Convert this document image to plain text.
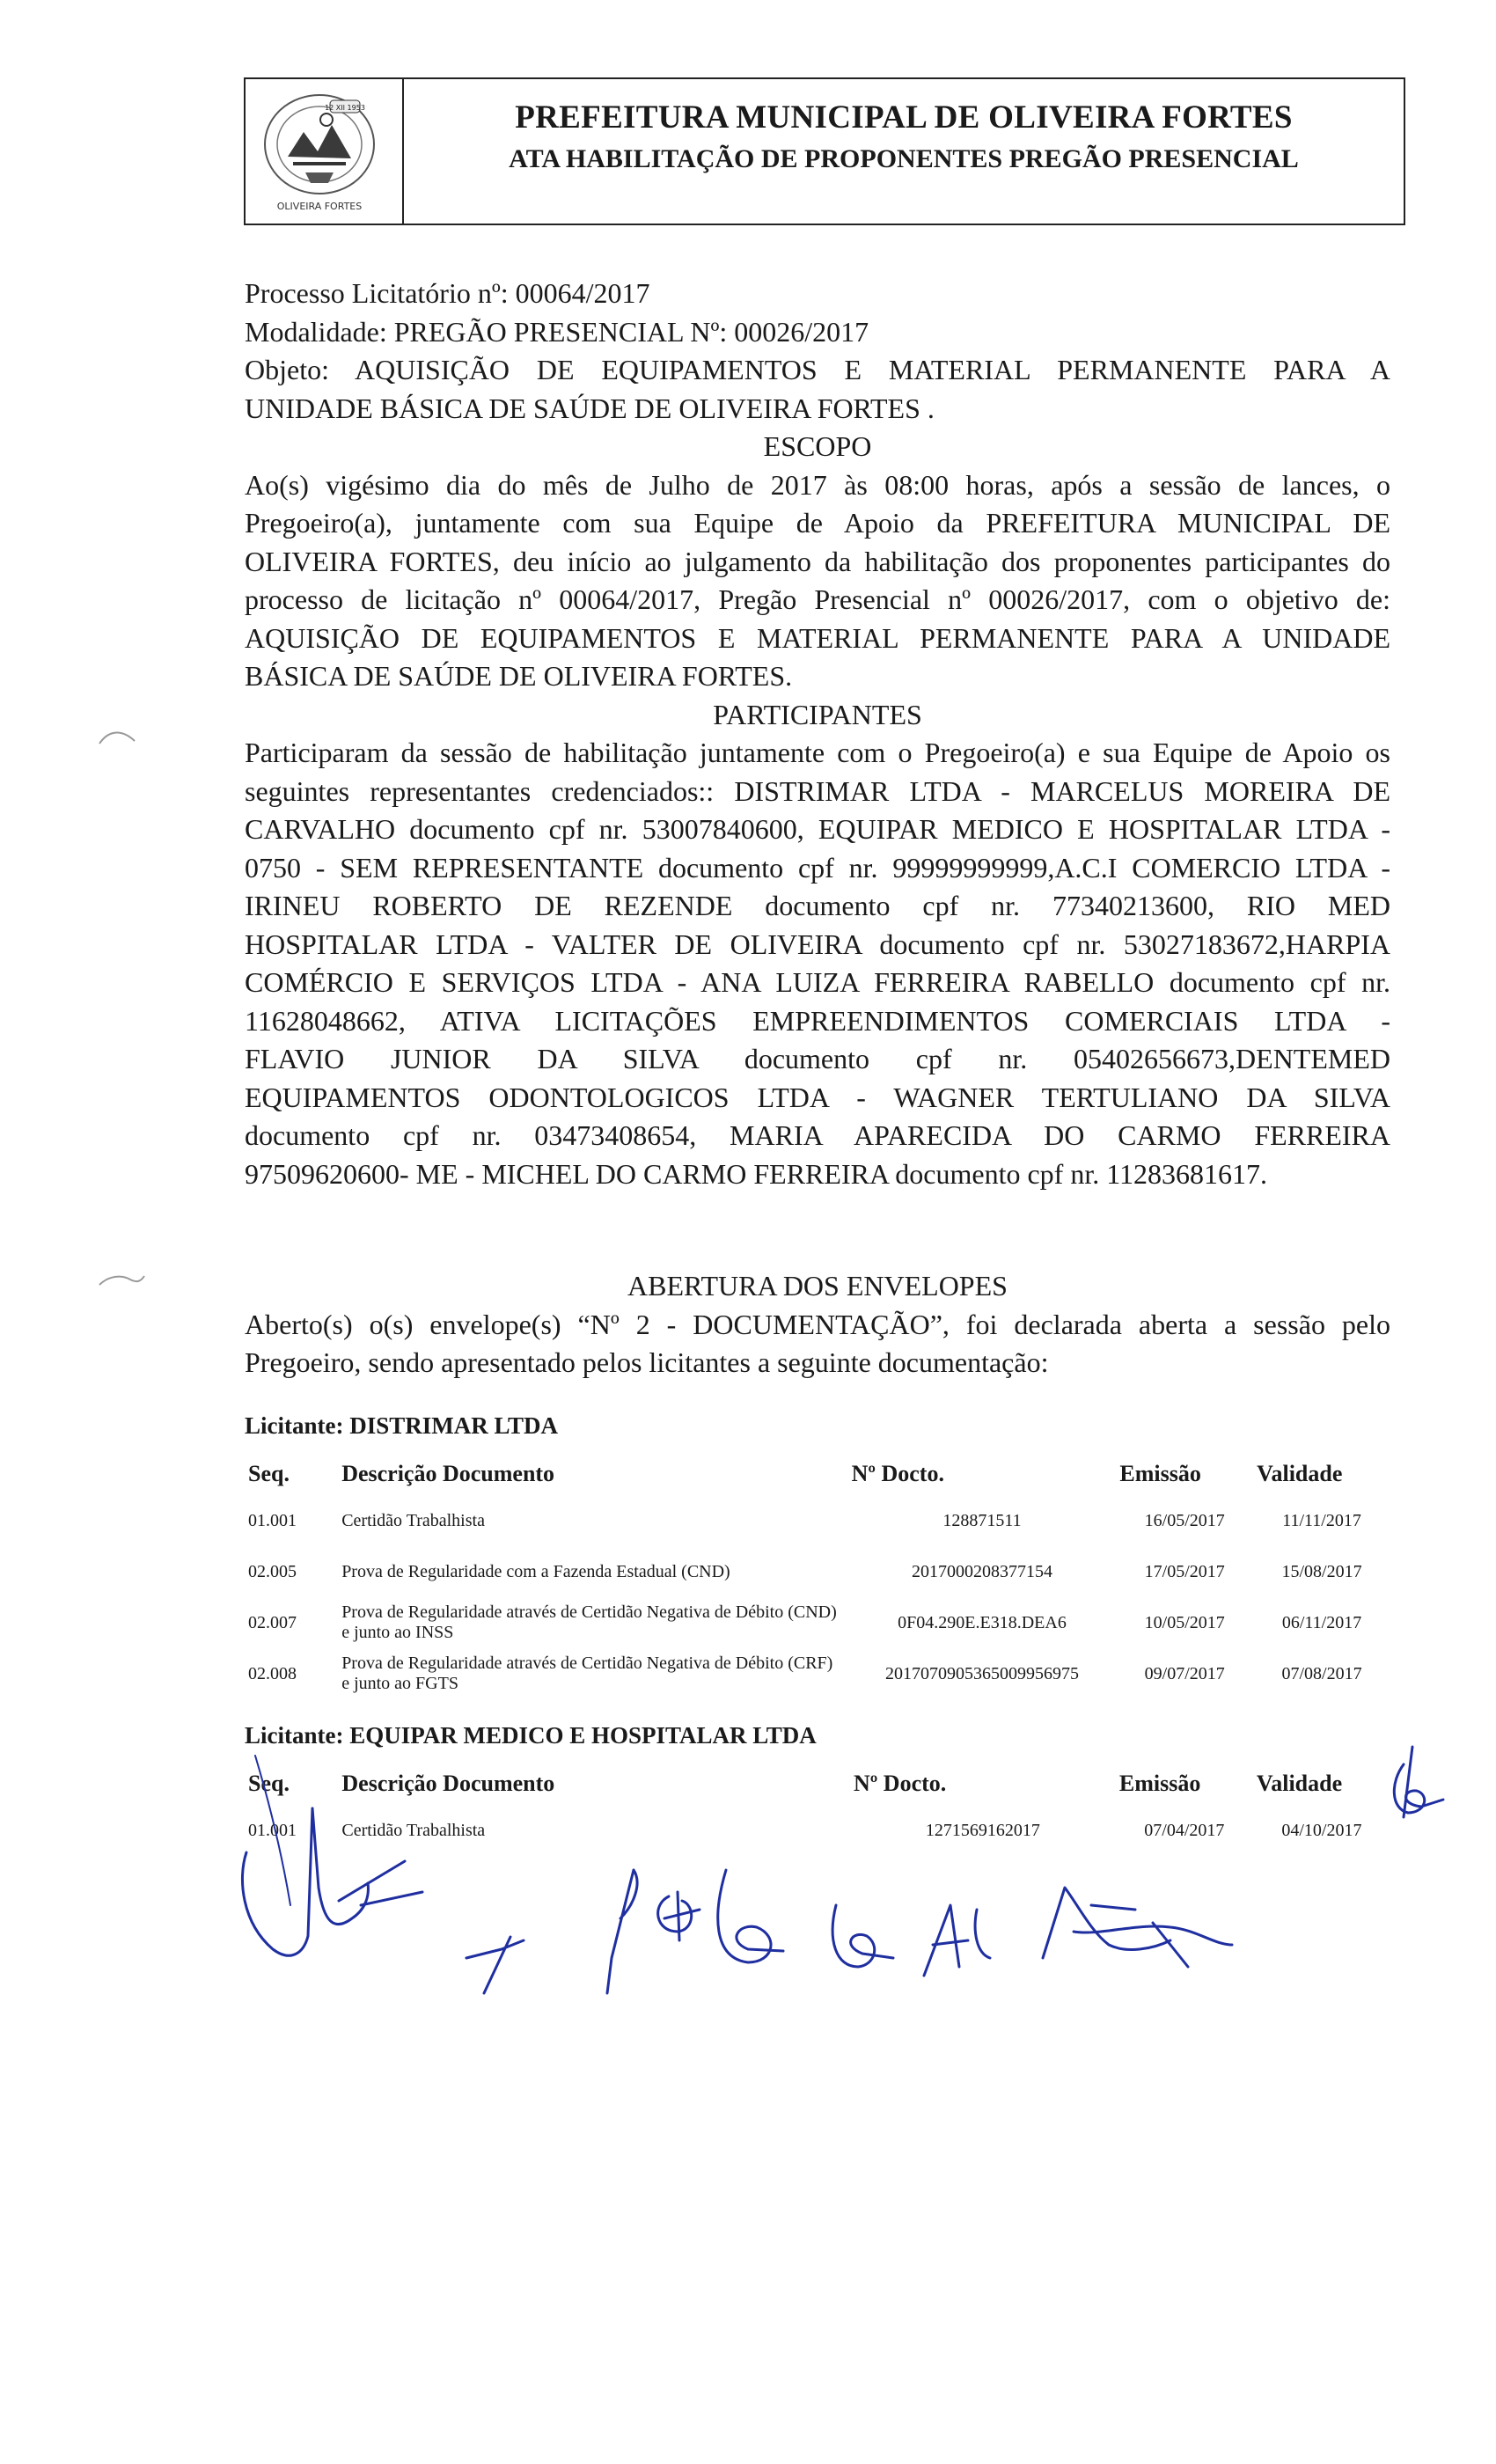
12 XII 1953
OLIVEIRA FORTES
PREFEITURA MUNICIPAL DE OLIVEIRA FORTES
ATA HABILITAÇÃO DE PROPONENTES PREGÃO PRESENCIAL
Processo Licitatório nº: 00064/2017
Modalidade: PREGÃO PRESENCIAL Nº: 00026/2017
Objeto: AQUISIÇÃO DE EQUIPAMENTOS E MATERIAL PERMANENTE PARA A
UNIDADE BÁSICA DE SAÚDE DE OLIVEIRA FORTES .
ESCOPO
Ao(s) vigésimo dia do mês de Julho de 2017 às 08:00 horas, após a sessão de lances, o
Pregoeiro(a), juntamente com sua Equipe de Apoio da PREFEITURA MUNICIPAL DE
OLIVEIRA FORTES, deu início ao julgamento da habilitação dos proponentes participantes do
processo de licitação nº 00064/2017, Pregão Presencial nº 00026/2017, com o objetivo de:
AQUISIÇÃO DE EQUIPAMENTOS E MATERIAL PERMANENTE PARA A UNIDADE
BÁSICA DE SAÚDE DE OLIVEIRA FORTES.
PARTICIPANTES
Participaram da sessão de habilitação juntamente com o Pregoeiro(a) e sua Equipe de Apoio os
seguintes representantes credenciados:: DISTRIMAR LTDA - MARCELUS MOREIRA DE
CARVALHO documento cpf nr. 53007840600, EQUIPAR MEDICO E HOSPITALAR LTDA -
0750 - SEM REPRESENTANTE documento cpf nr. 99999999999,A.C.I COMERCIO LTDA -
IRINEU ROBERTO DE REZENDE documento cpf nr. 77340213600, RIO MED
HOSPITALAR LTDA - VALTER DE OLIVEIRA documento cpf nr. 53027183672,HARPIA
COMÉRCIO E SERVIÇOS LTDA - ANA LUIZA FERREIRA RABELLO documento cpf nr.
11628048662, ATIVA LICITAÇÕES EMPREENDIMENTOS COMERCIAIS LTDA -
FLAVIO JUNIOR DA SILVA documento cpf nr. 05402656673,DENTEMED
EQUIPAMENTOS ODONTOLOGICOS LTDA - WAGNER TERTULIANO DA SILVA
documento cpf nr. 03473408654, MARIA APARECIDA DO CARMO FERREIRA
97509620600- ME - MICHEL DO CARMO FERREIRA documento cpf nr. 11283681617.
ABERTURA DOS ENVELOPES
Aberto(s) o(s) envelope(s) “Nº 2 - DOCUMENTAÇÃO”, foi declarada aberta a sessão pelo
Pregoeiro, sendo apresentado pelos licitantes a seguinte documentação:
Licitante: DISTRIMAR LTDA
Seq.	Descrição Documento	Nº Docto.	Emissão	Validade
01.001	Certidão Trabalhista	128871511	16/05/2017	11/11/2017
02.005	Prova de Regularidade com a Fazenda Estadual (CND)	2017000208377154	17/05/2017	15/08/2017
02.007	Prova de Regularidade através de Certidão Negativa de Débito (CND) e junto ao INSS	0F04.290E.E318.DEA6	10/05/2017	06/11/2017
02.008	Prova de Regularidade através de Certidão Negativa de Débito (CRF) e junto ao FGTS	2017070905365009956975	09/07/2017	07/08/2017
Licitante: EQUIPAR MEDICO E HOSPITALAR LTDA
Seq.	Descrição Documento	Nº Docto.	Emissão	Validade
01.001	Certidão Trabalhista	1271569162017	07/04/2017	04/10/2017
